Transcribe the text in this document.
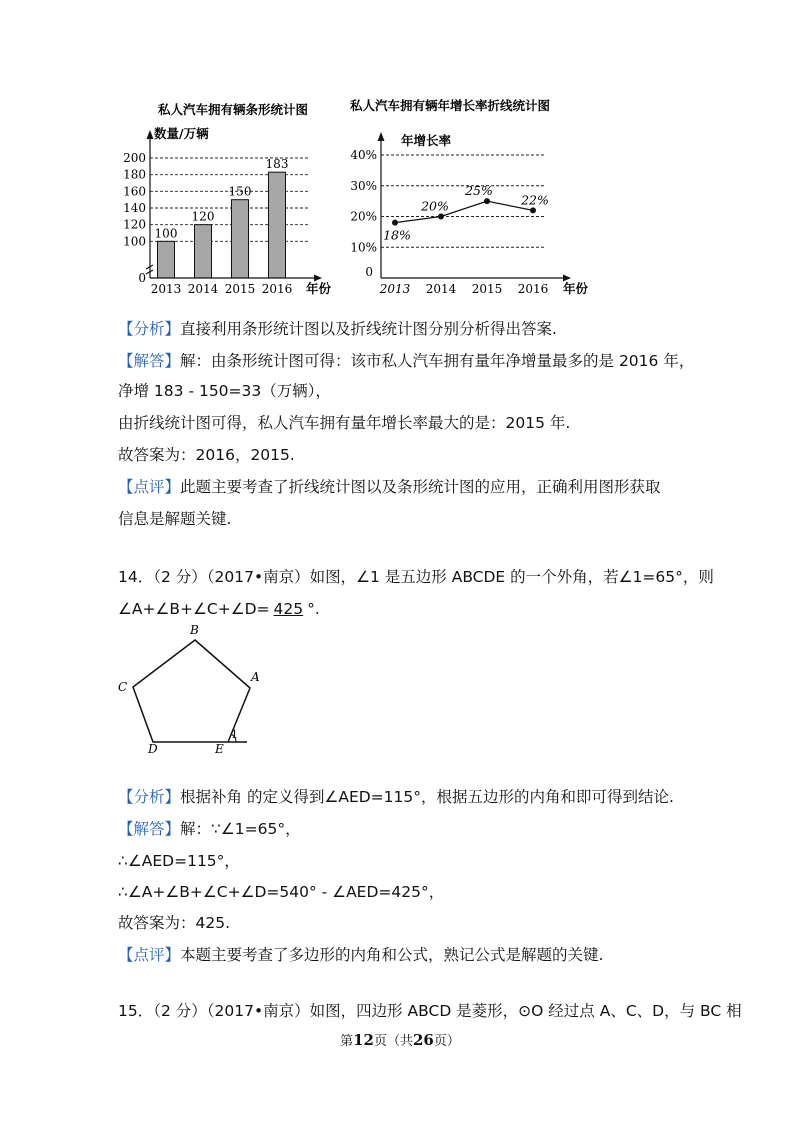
私人汽车拥有辆条形统计图
数量/万辆
100
120
140
160
180
200
0
2013 2014 2015 2016
100
120
150
183
年份
私人汽车拥有辆年增长率折线统计图
年增长率
10%
20%
30%
40%
0
2013 2014 2015 2016
18%
20%
25%
22%
年份
【分析】直接利用条形统计图以及折线统计图分别分析得出答案.
【解答】解：由条形统计图可得：该市私人汽车拥有量年净增量最多的是 2016 年，
净增 183 - 150=33（万辆），
由折线统计图可得，私人汽车拥有量年增长率最大的是：2015 年.
故答案为：2016，2015.
【点评】此题主要考查了折线统计图以及条形统计图的应用，正确利用图形获取
信息是解题关键.
14．（2 分）（2017•南京）如图，∠1 是五边形 ABCDE 的一个外角，若∠1=65°，则
∠A+∠B+∠C+∠D= 425 °.
B
A
C
D	E
1
【分析】根据补角 的定义得到∠AED=115°，根据五边形的内角和即可得到结论.
【解答】解：∵∠1=65°，
∴∠AED=115°，
∴∠A+∠B+∠C+∠D=540° - ∠AED=425°，
故答案为：425.
【点评】本题主要考查了多边形的内角和公式，熟记公式是解题的关键.
15．（2 分）（2017•南京）如图，四边形 ABCD 是菱形，⊙O 经过点 A、C、D，与 BC 相
第12页（共26页）
